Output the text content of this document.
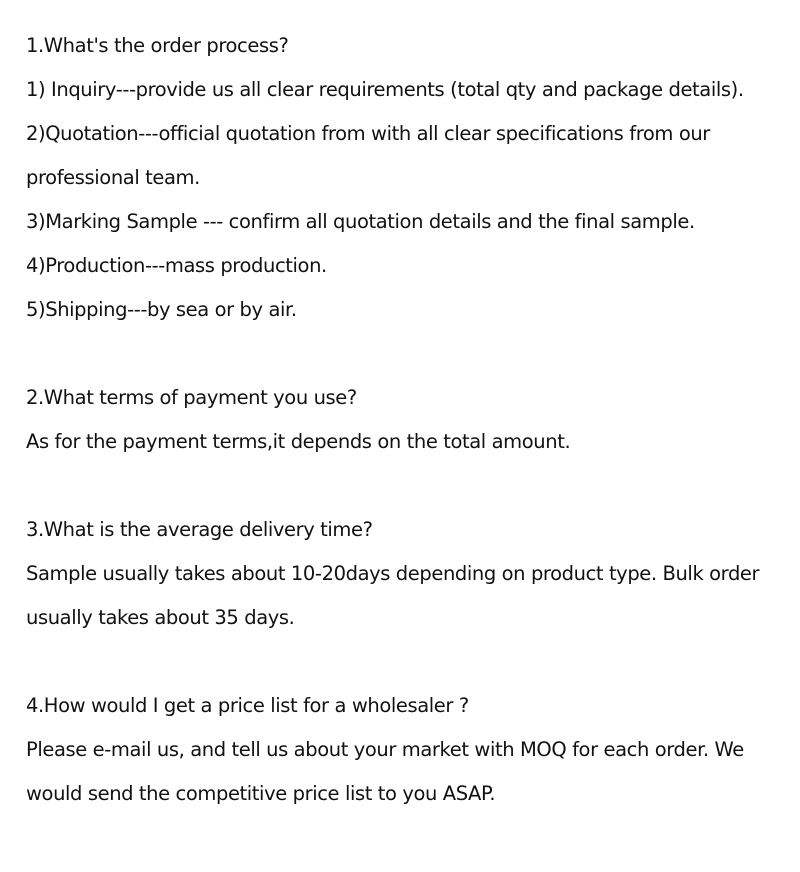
1.What's the order process?
1) Inquiry---provide us all clear requirements (total qty and package details).
2)Quotation---official quotation from with all clear specifications from our
professional team.
3)Marking Sample --- confirm all quotation details and the final sample.
4)Production---mass production.
5)Shipping---by sea or by air.
2.What terms of payment you use?
As for the payment terms,it depends on the total amount.
3.What is the average delivery time?
Sample usually takes about 10-20days depending on product type. Bulk order
usually takes about 35 days.
4.How would I get a price list for a wholesaler ?
Please e-mail us, and tell us about your market with MOQ for each order. We
would send the competitive price list to you ASAP.
